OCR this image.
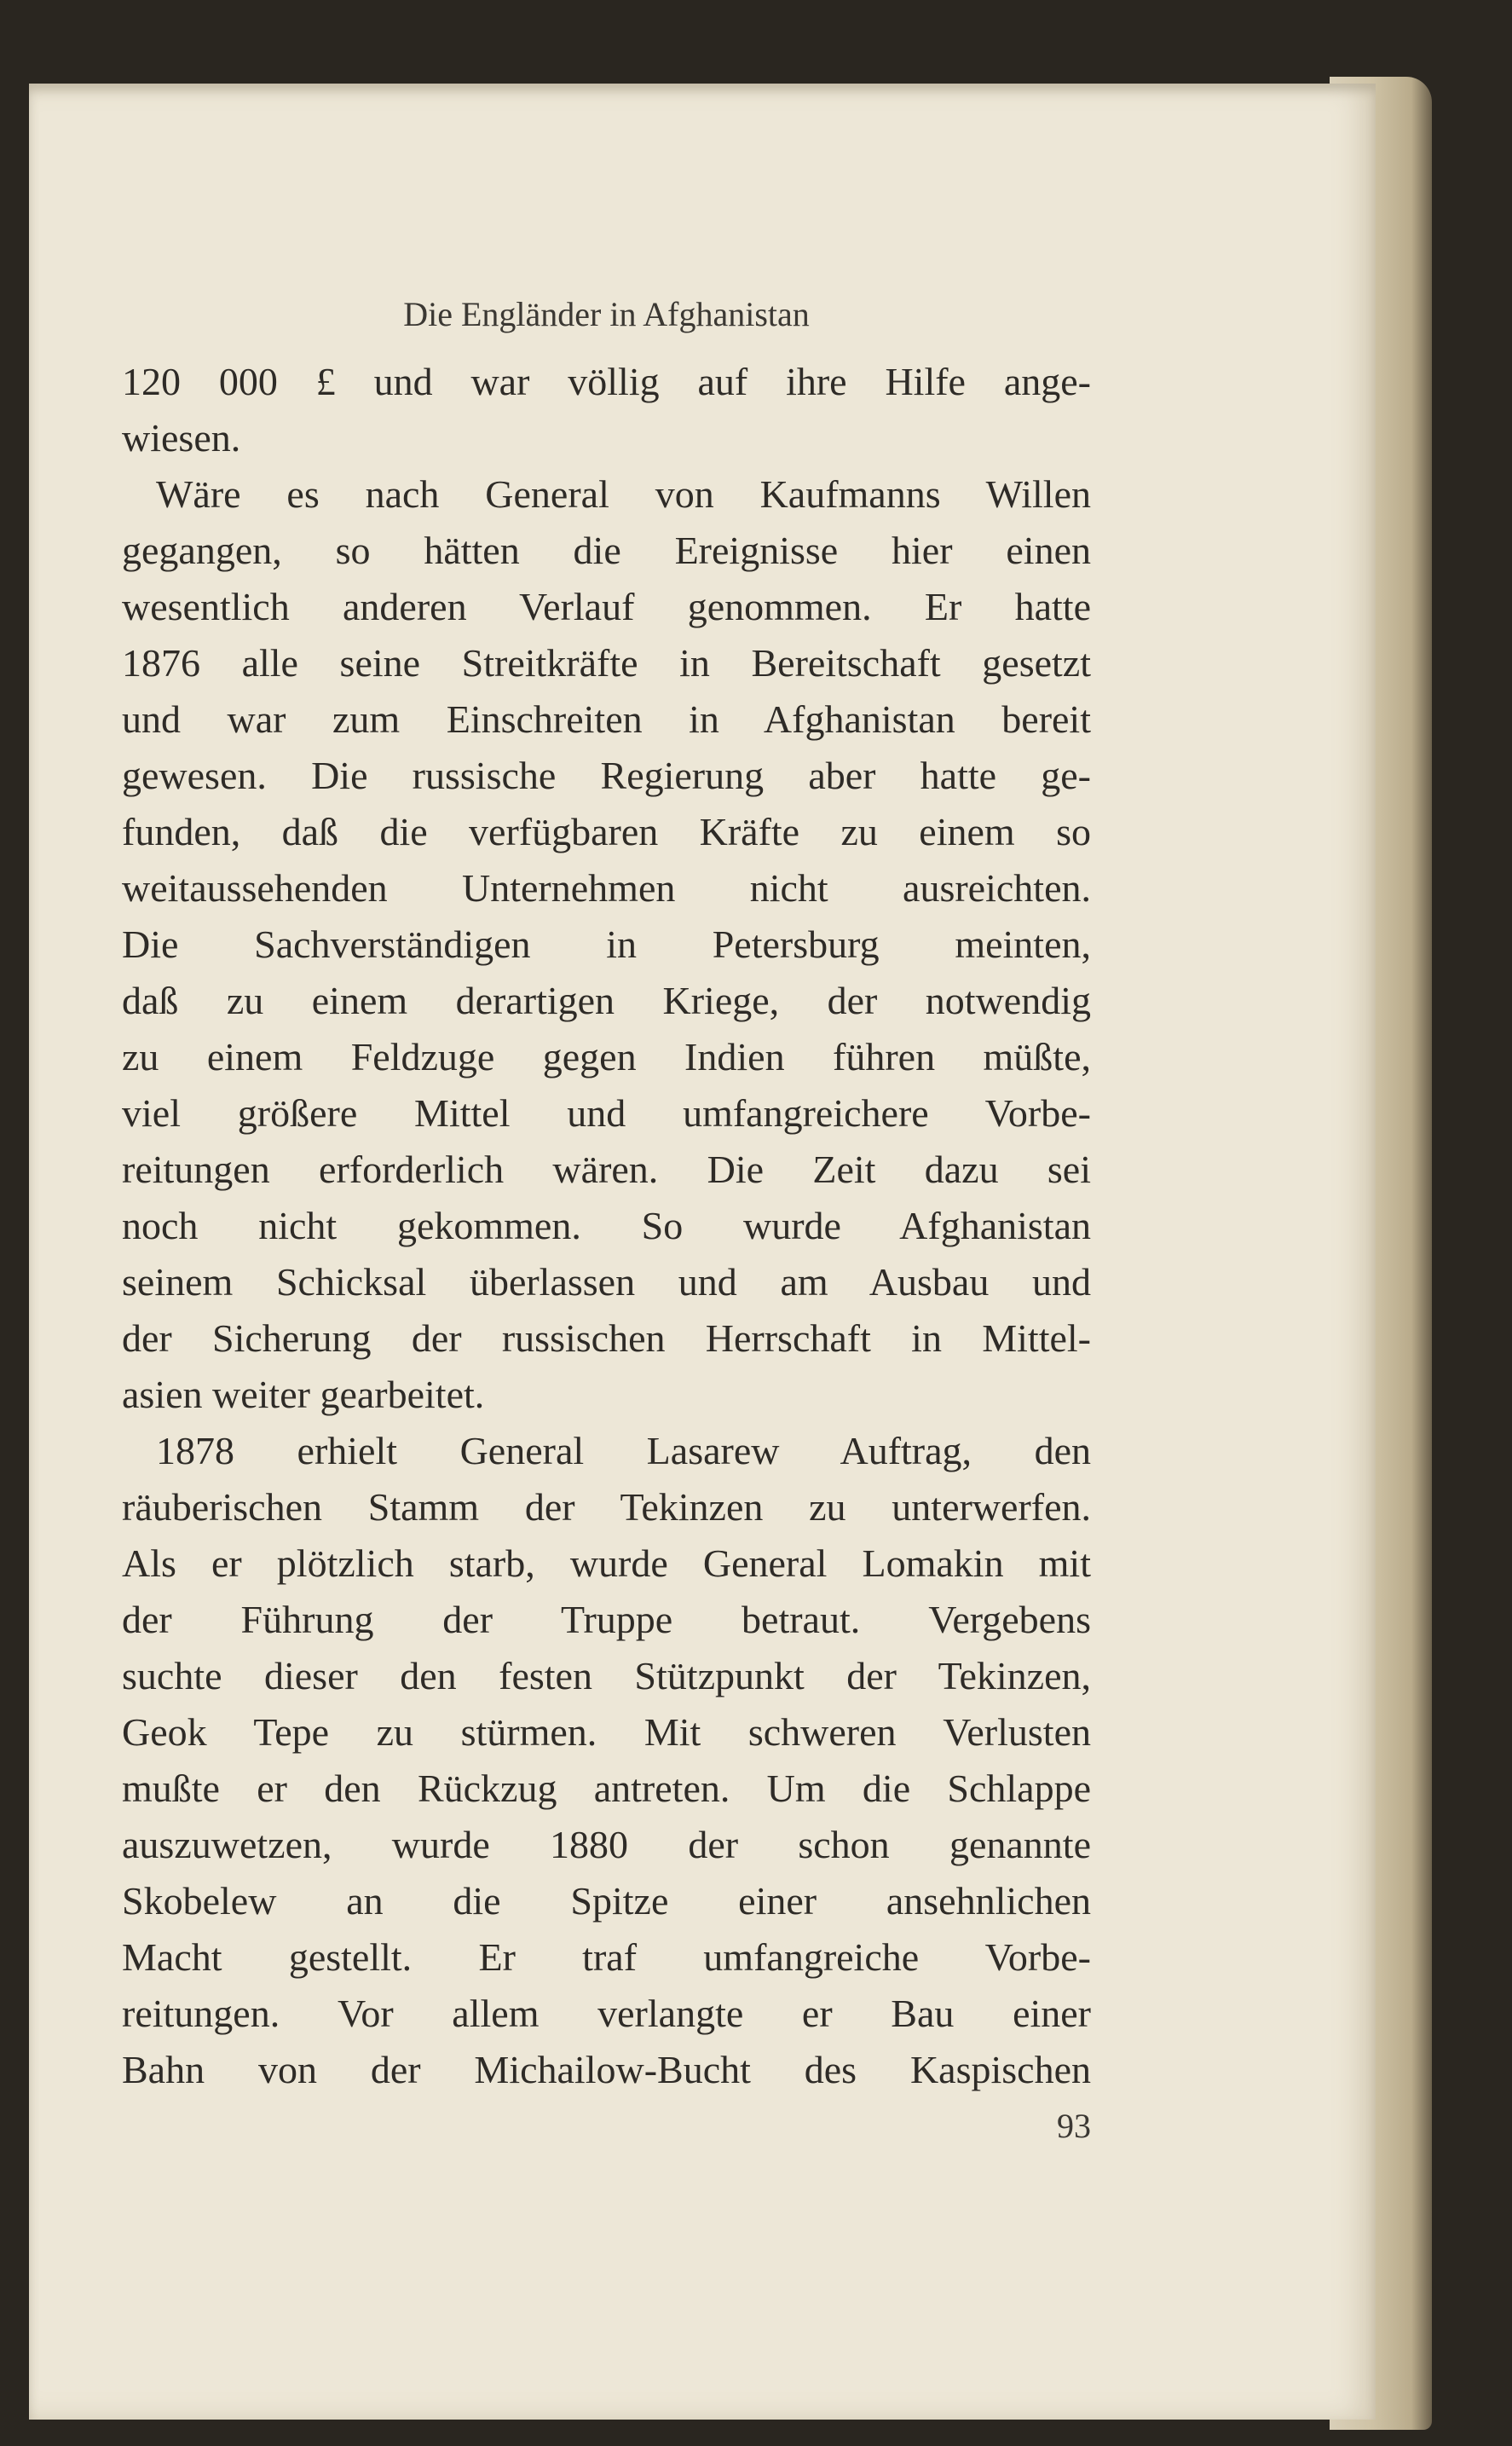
Die Engländer in Afghanistan
120 000 £ und war völlig auf ihre Hilfe ange-
wiesen.
Wäre es nach General von Kaufmanns Willen
gegangen, so hätten die Ereignisse hier einen
wesentlich anderen Verlauf genommen. Er hatte
1876 alle seine Streitkräfte in Bereitschaft gesetzt
und war zum Einschreiten in Afghanistan bereit
gewesen. Die russische Regierung aber hatte ge-
funden, daß die verfügbaren Kräfte zu einem so
weitaussehenden Unternehmen nicht ausreichten.
Die Sachverständigen in Petersburg meinten,
daß zu einem derartigen Kriege, der notwendig
zu einem Feldzuge gegen Indien führen müßte,
viel größere Mittel und umfangreichere Vorbe-
reitungen erforderlich wären. Die Zeit dazu sei
noch nicht gekommen. So wurde Afghanistan
seinem Schicksal überlassen und am Ausbau und
der Sicherung der russischen Herrschaft in Mittel-
asien weiter gearbeitet.
1878 erhielt General Lasarew Auftrag, den
räuberischen Stamm der Tekinzen zu unterwerfen.
Als er plötzlich starb, wurde General Lomakin mit
der Führung der Truppe betraut. Vergebens
suchte dieser den festen Stützpunkt der Tekinzen,
Geok Tepe zu stürmen. Mit schweren Verlusten
mußte er den Rückzug antreten. Um die Schlappe
auszuwetzen, wurde 1880 der schon genannte
Skobelew an die Spitze einer ansehnlichen
Macht gestellt. Er traf umfangreiche Vorbe-
reitungen. Vor allem verlangte er Bau einer
Bahn von der Michailow-Bucht des Kaspischen
93
